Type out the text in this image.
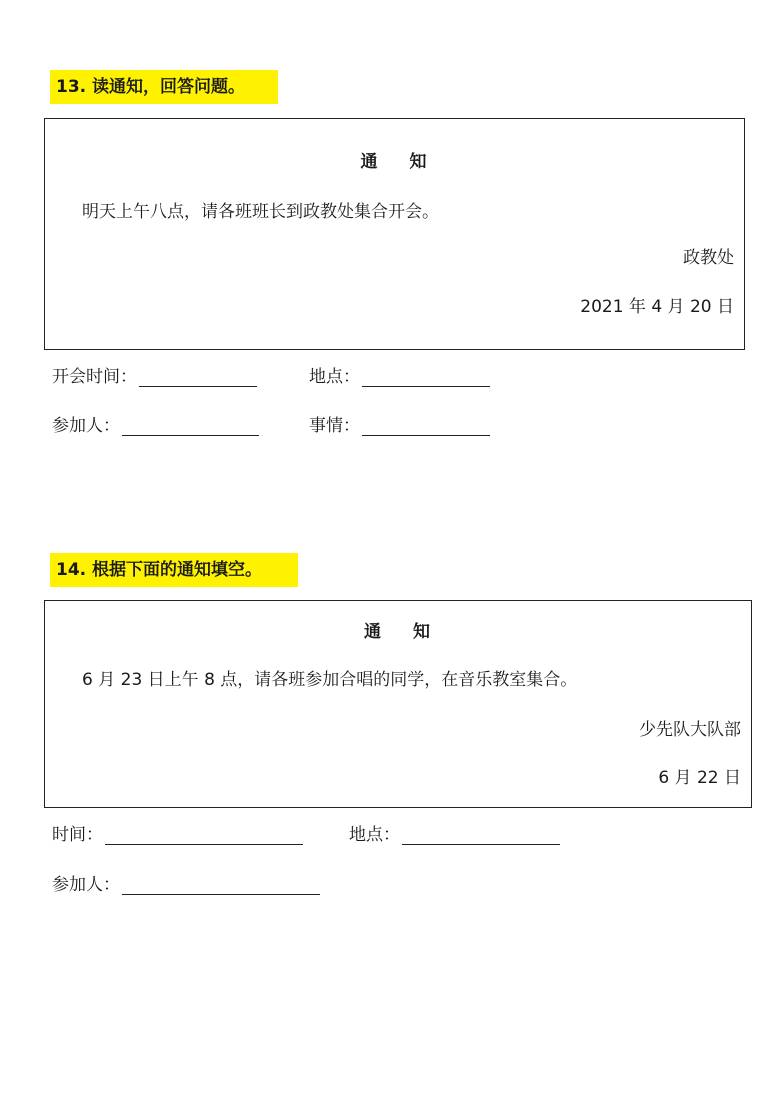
13. 读通知，回答问题。
通 知
明天上午八点，请各班班长到政教处集合开会。
政教处
2021 年 4 月 20 日
开会时间：	地点：
参加人：	事情：
14. 根据下面的通知填空。
通 知
6 月 23 日上午 8 点，请各班参加合唱的同学，在音乐教室集合。
少先队大队部
6 月 22 日
时间：	地点：
参加人：
